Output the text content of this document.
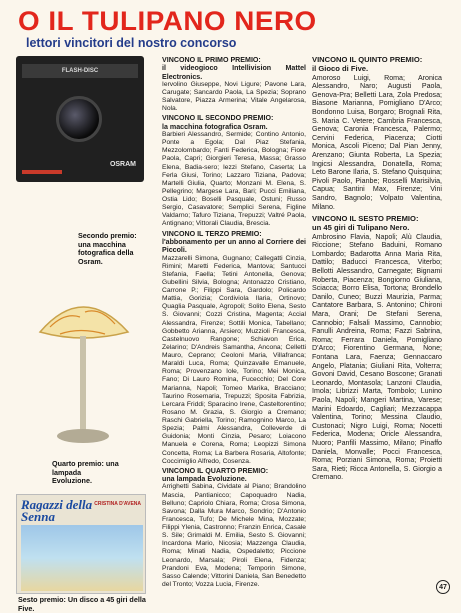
O IL TULIPANO NERO
lettori vincitori del nostro concorso
FLASH-DISC
OSRAM
Secondo premio: una macchina fotografica della Osram.
Quarto premio: una lampada Evoluzione.
Ragazzi della Senna
CRISTINA D'AVENA
Sesto premio: Un disco a 45 giri della Five.
VINCONO IL PRIMO PREMIO:
il videogioco Intellivision Mattel Electronics.
Iervolino Giuseppe, Novi Ligure; Pavone Lara, Carugate; Sancardo Paola, La Spezia; Soprano Salvatore, Piazza Armerina; Vitale Angelarosa, Nola.
VINCONO IL SECONDO PREMIO:
la macchina fotografica Osram.
Barbieri Alessandro, Sermide; Contino Antonio, Ponte a Egola; Dal Piaz Stefania, Mezzolombardo; Fanti Federica, Bologna; Fiore Paola, Capri; Giorgieri Teresa, Massa; Grasso Elena, Badia-sero; Iezzi Stefano, Caserta; La Ferla Giusi, Torino; Lazzaro Tiziana, Padova; Martelli Giulia, Quarto; Monzani M. Elena, S. Pellegrino; Margese Lara, Bari; Pucci Emiliana, Ostia Lido; Boselli Pasquale, Ostuni; Russo Sergio, Casavatore; Semplici Serena, Figline Valdarno; Tafuro Tiziana, Trepuzzi; Valtré Paola, Antignano; Vittorali Claudia, Brescia.
VINCONO IL TERZO PREMIO:
l'abbonamento per un anno al Corriere dei Piccoli.
Mazzarelli Simona, Gugnano; Callegatti Cinzia, Rimini; Maretti Federica, Mantova; Santucci Stefania, Faella; Tetini Antonella, Genova; Gubellini Silvia, Bologna; Antonazzo Cristiano, Carrone P.; Filippi Sara, Gardolo; Policardo Mattia, Gorizia; Cordiviola Ilaria, Ortinovo; Quaglia Pasquale, Agropoli; Solito Elena, Sesto S. Giovanni; Cozzi Cristina, Magenta; Accial Alessandra, Firenze; Sottili Monica, Tabellano; Gobbetto Arianna, Arsiero; Muzzioli Francesca, Castelnuovo Rangone; Schiavon Erica, Zelarino; D'Andreis Samantha, Ancona; Celletti Mauro, Ceprano; Ceoloni Maria, Villafranca; Maraldi Luca, Roma; Quinzavalle Emanuele, Roma; Provenzano Iole, Torino; Mei Monica, Fano; Di Lauro Romina, Fucecchio; Del Core Marianna, Napoli; Tomeo Marika, Bracciano; Taurino Rosemaria, Trepuzzi; Sposita Fabrizia, Lercara Friddi; Sparacino Irene, Casteltorentino; Rosano M. Grazia, S. Giorgio a Cremano; Raschi Gabriella, Torino; Ramognino Marco, La Spezia; Palmi Alessandra, Colleverde di Guidonia; Monti Cinzia, Pesaro; Loiacono Manuela e Corena, Roma; Leopizzi Simona Concetta, Roma; La Barbera Rosaria, Altofonte; Coccimiglio Alfredo, Cosenza.
VINCONO IL QUARTO PREMIO:
una lampada Evoluzione.
Arrighetti Sabina, Cividate al Piano; Brandolino Mascia, Pantianicco; Capoquadro Nadia, Belluno; Capriolo Chiara, Roma; Crosa Simona, Savona; Dalla Mura Marco, Sondrio; D'Antonio Francesca, Tufo; De Michele Mina, Mozzate; Filippi Ylenia, Castronno; Franzin Enrica, Casale S. Sile; Grimaldi M. Emilia, Sesto S. Giovanni; Incardona Mario, Nicosia; Mazzenga Claudia, Roma; Minati Nadia, Ospedaletto; Piccione Leonardo, Marsala; Piroli Elena, Fidenza; Prandoni Eva, Modena; Temporin Simone, Sasso Calende; Vittorini Daniela, San Benedetto del Tronto; Vozza Lucia, Firenze.
VINCONO IL QUINTO PREMIO:
il Gioco di Five.
Amoroso Luigi, Roma; Aronica Alessandro, Naro; Augusti Paola, Genova-Pra; Belletti Lara, Zola Predosa; Biasone Marianna, Pomigliano D'Arco; Bondonno Luisa, Borgaro; Brognali Rita, S. Maria C. Vetere; Cambria Francesca, Genova; Caronia Francesca, Palermo; Cervini Federica, Piacenza; Ciotti Monica, Ascoli Piceno; Dal Pian Jenny, Arenzano; Giunta Roberta, La Spezia; Ingicsi Alessandra, Donatella, Roma; Leto Barone Ilaria, S. Stefano Quisquina; Pivoli Paolo, Pianbe; Rosselli Marisilvia, Capua; Santini Max, Firenze; Vini Sandro, Bagnolo; Volpato Valentina, Milano.
VINCONO IL SESTO PREMIO:
un 45 giri di Tulipano Nero.
Ambrosino Flavia, Napoli; Alù Claudia, Riccione; Stefano Baduini, Romano Lombardo; Badarotta Anna Maria Rita, Dattilo; Baducci Francesca, Viterbo; Bellotti Alessandro, Carnegate; Bignami Roberta, Piacenza; Bongiorno Giuliana, Sciacca; Borro Elisa, Tortona; Brondello Danilo, Cuneo; Buzzi Maurizia, Parma; Cantatore Barbara, S. Antonino; Chironi Mara, Orani; De Stefani Serena, Cannobio; Falsali Massimo, Cannobio; Fanulli Andreina, Roma; Fazzi Sabrina, Roma; Ferrara Daniela, Pomigliano D'Arco; Fiorentino Germana, None; Fontana Lara, Faenza; Gennaccaro Angelo, Platania; Giuliani Rita, Volterra; Govoni David, Cesano Boscone; Granati Leonardo, Montasola; Lanzoni Claudia, Imola; Librizzi Marta, Tombolo; Lunino Paola, Napoli; Mangeri Martina, Varese; Marini Edoardo, Cagliari; Mezzacappa Valentina, Torino; Messina Claudio, Custonaci; Nigro Luigi, Roma; Nocetti Federica, Modena; Oricle Alessandra, Nuoro; Panfili Massimo, Milano; Pinaffo Daniela, Monvalle; Pocci Francesca, Roma; Porziani Simona, Roma; Proietti Sara, Rieti; Ricca Antonella, S. Giorgio a Cremano.
47
